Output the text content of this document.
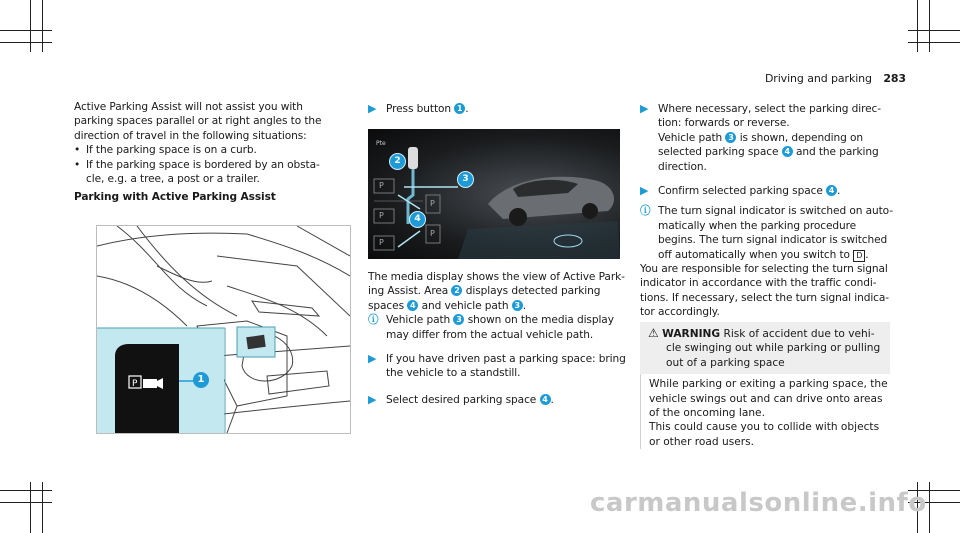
Driving and parking 283
Active Parking Assist will not assist you with
parking spaces parallel or at right angles to the
direction of travel in the following situations:
• If the parking space is on a curb.
• If the parking space is bordered by an obsta-
cle, e.g. a tree, a post or a trailer.
Parking with Active Parking Assist
P	1
▶ Press button 1 .
Pte
P
P
P
P
P
2
3
4
The media display shows the view of Active Park-
ing Assist. Area 2 displays detected parking
spaces 4 and vehicle path 3 .
ⓘ Vehicle path 3 shown on the media display
may differ from the actual vehicle path.
▶ If you have driven past a parking space: bring
the vehicle to a standstill.
▶ Select desired parking space 4 .
▶ Where necessary, select the parking direc-
tion: forwards or reverse.
Vehicle path 3 is shown, depending on
selected parking space 4 and the parking
direction.
▶ Confirm selected parking space 4 .
ⓘ The turn signal indicator is switched on auto-
matically when the parking procedure
begins. The turn signal indicator is switched
off automatically when you switch to D .
You are responsible for selecting the turn signal
indicator in accordance with the traffic condi-
tions. If necessary, select the turn signal indica-
tor accordingly.
⚠ WARNING Risk of accident due to vehi-
cle swinging out while parking or pulling
out of a parking space
While parking or exiting a parking space, the
vehicle swings out and can drive onto areas
of the oncoming lane.
This could cause you to collide with objects
or other road users.
carmanualsonline.info
